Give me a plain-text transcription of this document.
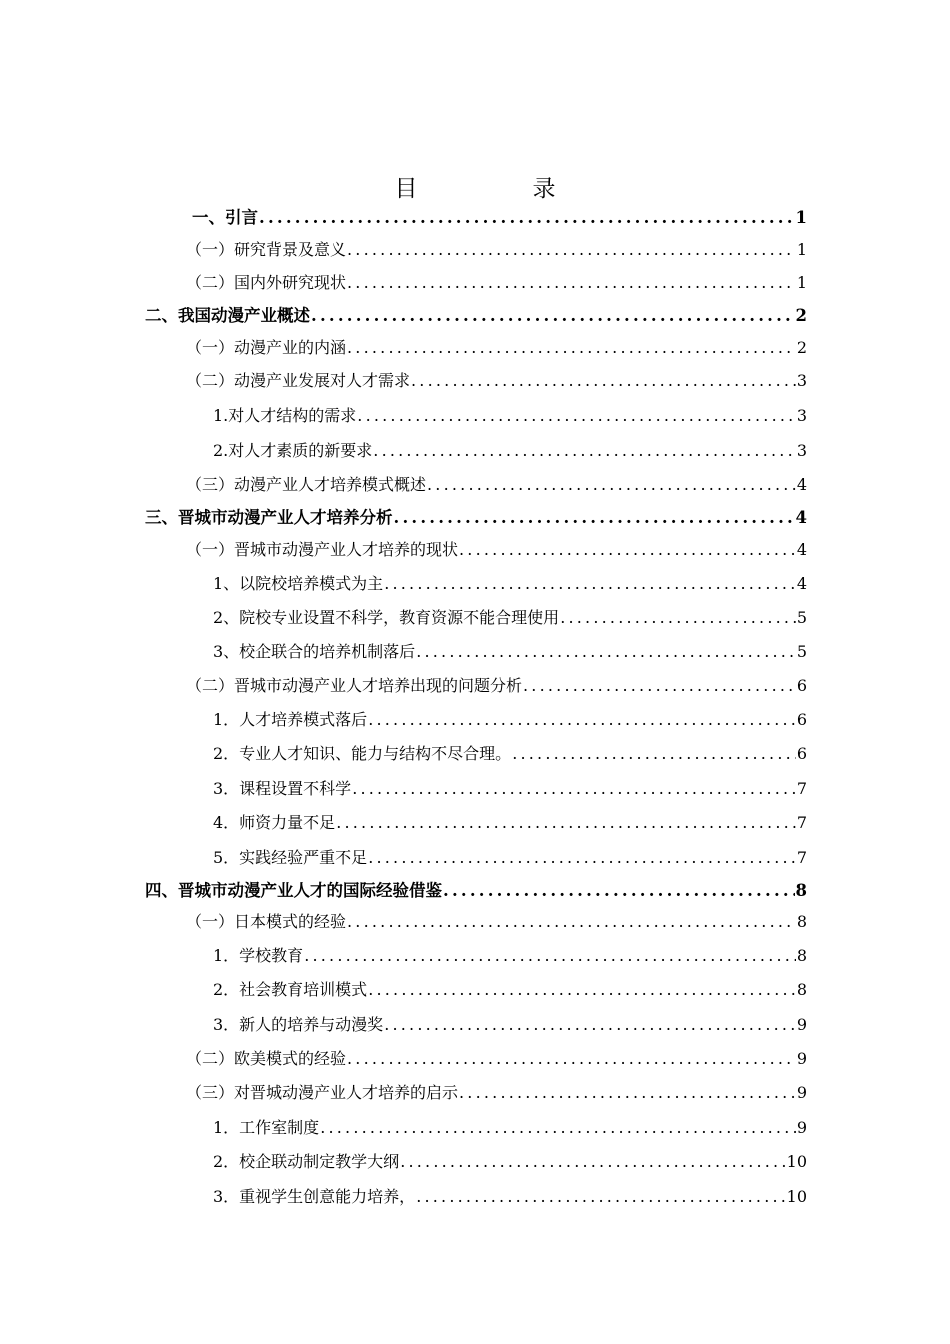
目　录
一、引言 .....	1
（一）研究背景及意义 .....	1
（二）国内外研究现状 .....	1
二、我国动漫产业概述 .....	2
（一）动漫产业的内涵 .....	2
（二）动漫产业发展对人才需求 .....	3
1.对人才结构的需求 .....	3
2.对人才素质的新要求 .....	3
（三）动漫产业人才培养模式概述 .....	4
三、晋城市动漫产业人才培养分析 .....	4
（一）晋城市动漫产业人才培养的现状 .....	4
1、以院校培养模式为主 .....	4
2、院校专业设置不科学，教育资源不能合理使用 .....	5
3、校企联合的培养机制落后 .....	5
（二）晋城市动漫产业人才培养出现的问题分析 .....	6
1．人才培养模式落后 .....	6
2．专业人才知识、能力与结构不尽合理。 .....	6
3．课程设置不科学 .....	7
4．师资力量不足 .....	7
5．实践经验严重不足 .....	7
四、晋城市动漫产业人才的国际经验借鉴 .....	8
（一）日本模式的经验 .....	8
1．学校教育 .....	8
2．社会教育培训模式 .....	8
3．新人的培养与动漫奖 .....	9
（二）欧美模式的经验 .....	9
（三）对晋城动漫产业人才培养的启示 .....	9
1．工作室制度 .....	9
2．校企联动制定教学大纲 .....	10
3．重视学生创意能力培养， .....	10
